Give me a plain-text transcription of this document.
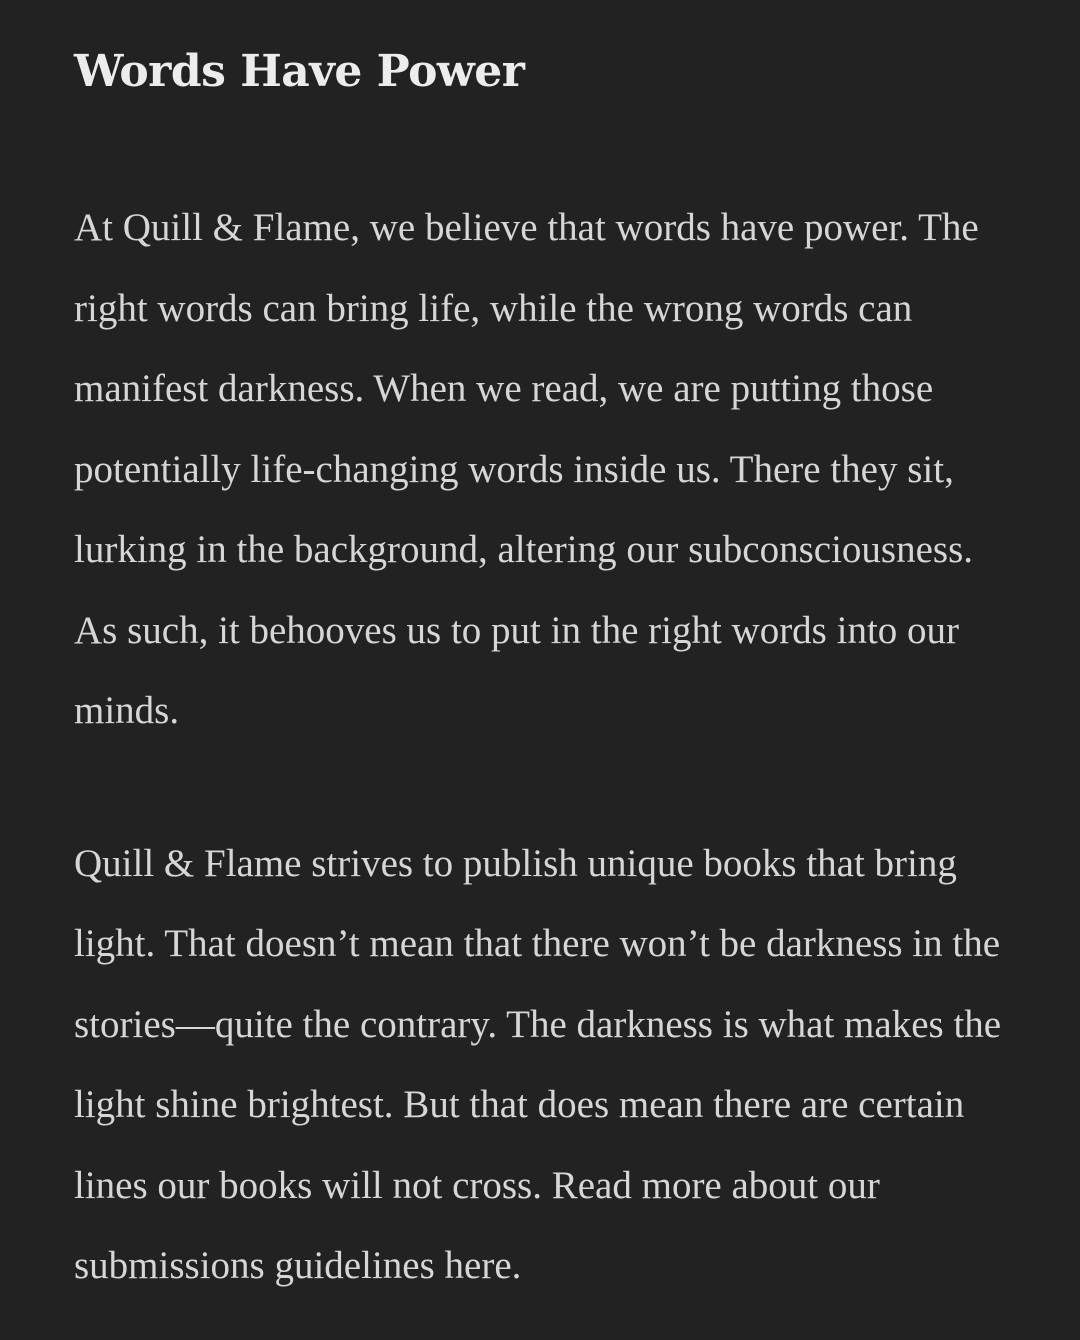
Words Have Power

At Quill & Flame, we believe that words have power. The right words can bring life, while the wrong words can manifest darkness. When we read, we are putting those potentially life-changing words inside us. There they sit, lurking in the background, altering our subconsciousness. As such, it behooves us to put in the right words into our minds.

Quill & Flame strives to publish unique books that bring light. That doesn’t mean that there won’t be darkness in the stories—quite the contrary. The darkness is what makes the light shine brightest. But that does mean there are certain lines our books will not cross. Read more about our submissions guidelines here.
